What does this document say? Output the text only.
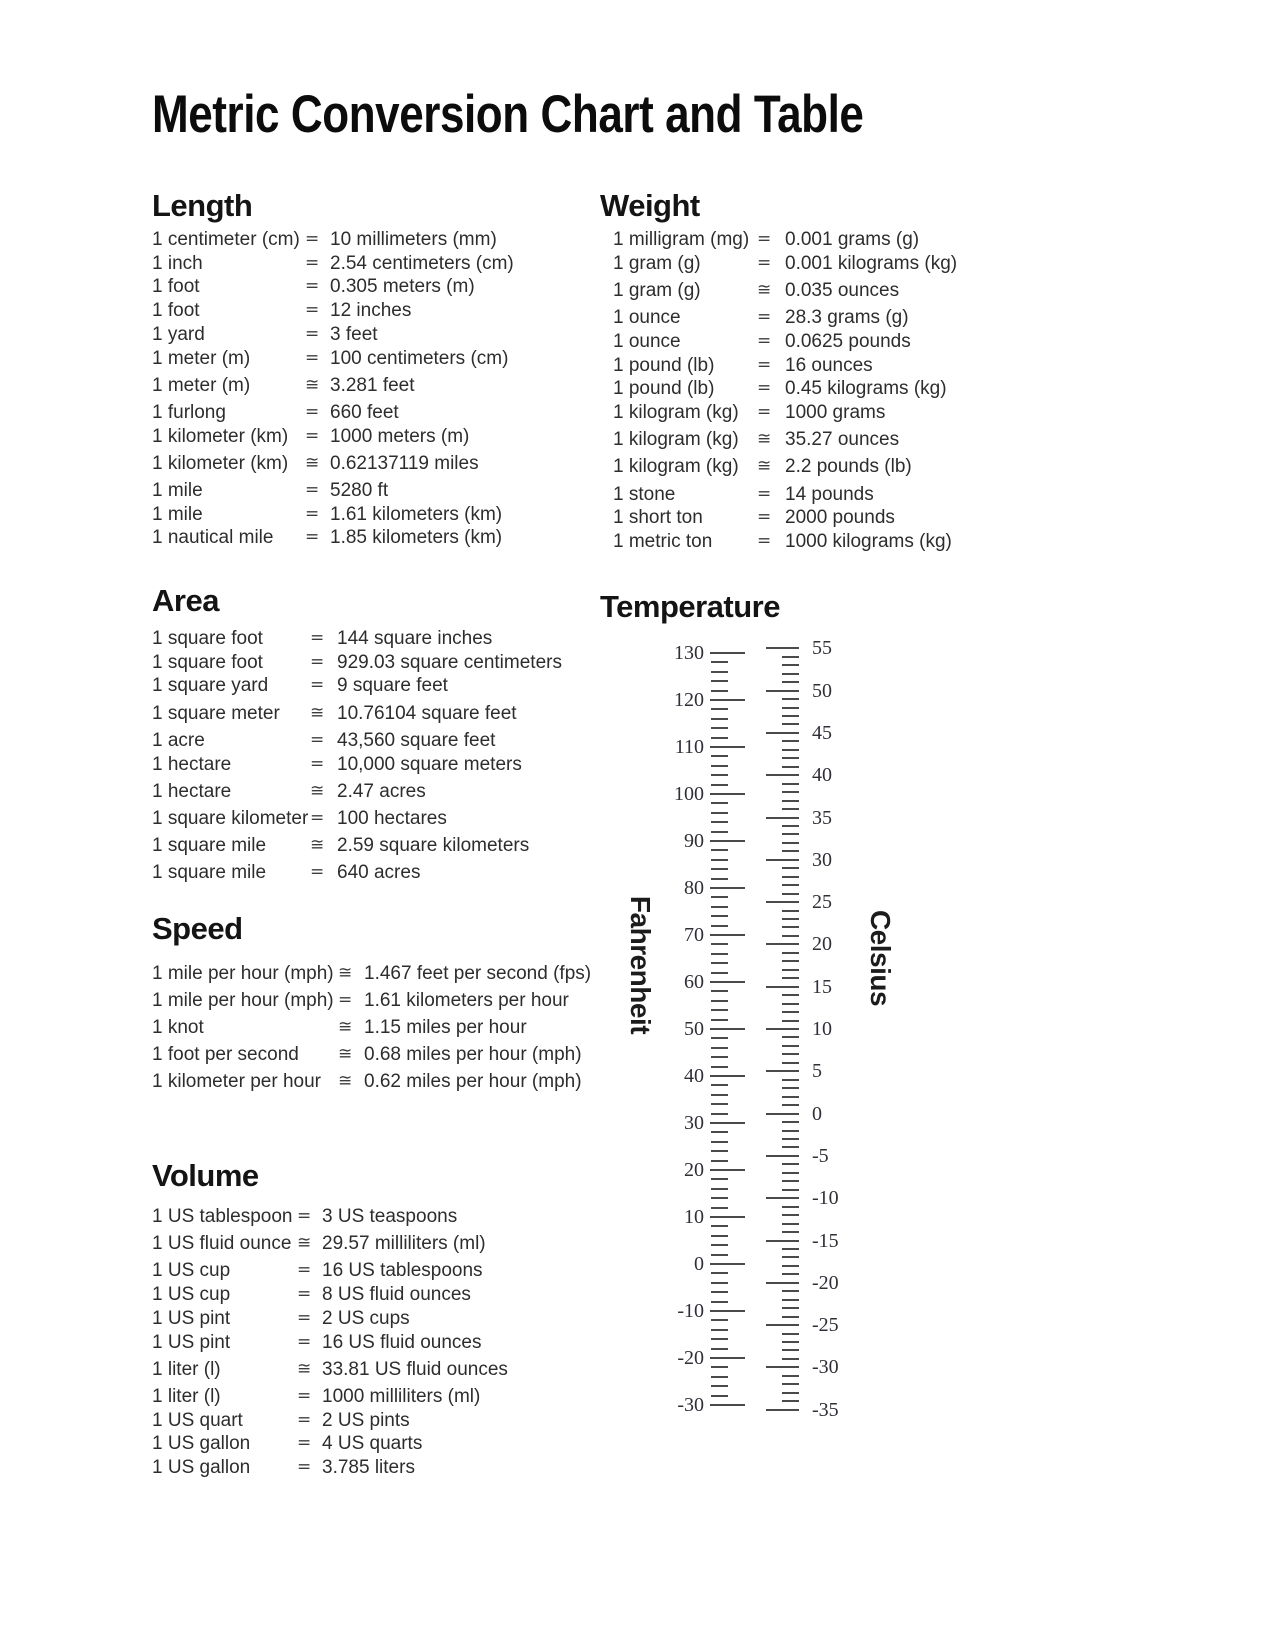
Metric Conversion Chart and Table
Length	Weight
Area
Speed
Volume
Temperature
1 centimeter (cm) = 10 millimeters (mm)
1 inch	= 2.54 centimeters (cm)
1 foot	= 0.305 meters (m)
1 foot	= 12 inches
1 yard	= 3 feet
1 meter (m)	= 100 centimeters (cm)
1 meter (m)	≅ 3.281 feet
1 furlong	= 660 feet
1 kilometer (km) = 1000 meters (m)
1 kilometer (km) ≅ 0.62137119 miles
1 mile	= 5280 ft
1 mile	= 1.61 kilometers (km)
1 nautical mile	= 1.85 kilometers (km)
1 milligram (mg) = 0.001 grams (g)
1 gram (g)	= 0.001 kilograms (kg)
1 gram (g)	≅ 0.035 ounces
1 ounce	= 28.3 grams (g)
1 ounce	= 0.0625 pounds
1 pound (lb)	= 16 ounces
1 pound (lb)	= 0.45 kilograms (kg)
1 kilogram (kg)	= 1000 grams
1 kilogram (kg)	≅ 35.27 ounces
1 kilogram (kg)	≅ 2.2 pounds (lb)
1 stone	= 14 pounds
1 short ton	= 2000 pounds
1 metric ton	= 1000 kilograms (kg)
1 square foot	= 144 square inches
1 square foot	= 929.03 square centimeters
1 square yard	= 9 square feet
1 square meter	≅ 10.76104 square feet
1 acre	= 43,560 square feet
1 hectare	= 10,000 square meters
1 hectare	≅ 2.47 acres
1 square kilometer = 100 hectares
1 square mile	≅ 2.59 square kilometers
1 square mile	= 640 acres
1 mile per hour (mph) ≅ 1.467 feet per second (fps)
1 mile per hour (mph) = 1.61 kilometers per hour
1 knot	≅ 1.15 miles per hour
1 foot per second	≅ 0.68 miles per hour (mph)
1 kilometer per hour	≅ 0.62 miles per hour (mph)
1 US tablespoon = 3 US teaspoons
1 US fluid ounce ≅ 29.57 milliliters (ml)
1 US cup	= 16 US tablespoons
1 US cup	= 8 US fluid ounces
1 US pint	= 2 US cups
1 US pint	= 16 US fluid ounces
1 liter (l)	≅ 33.81 US fluid ounces
1 liter (l)	= 1000 milliliters (ml)
1 US quart	= 2 US pints
1 US gallon	= 4 US quarts
1 US gallon	= 3.785 liters
Fahrenheit	Celsius
130
120
110
100
90
80
70
60
50
40
30
20
10
0
-10
-20
-30
55
50
45
40
35
30
25
20
15
10
5
0
-5
-10
-15
-20
-25
-30
-35
